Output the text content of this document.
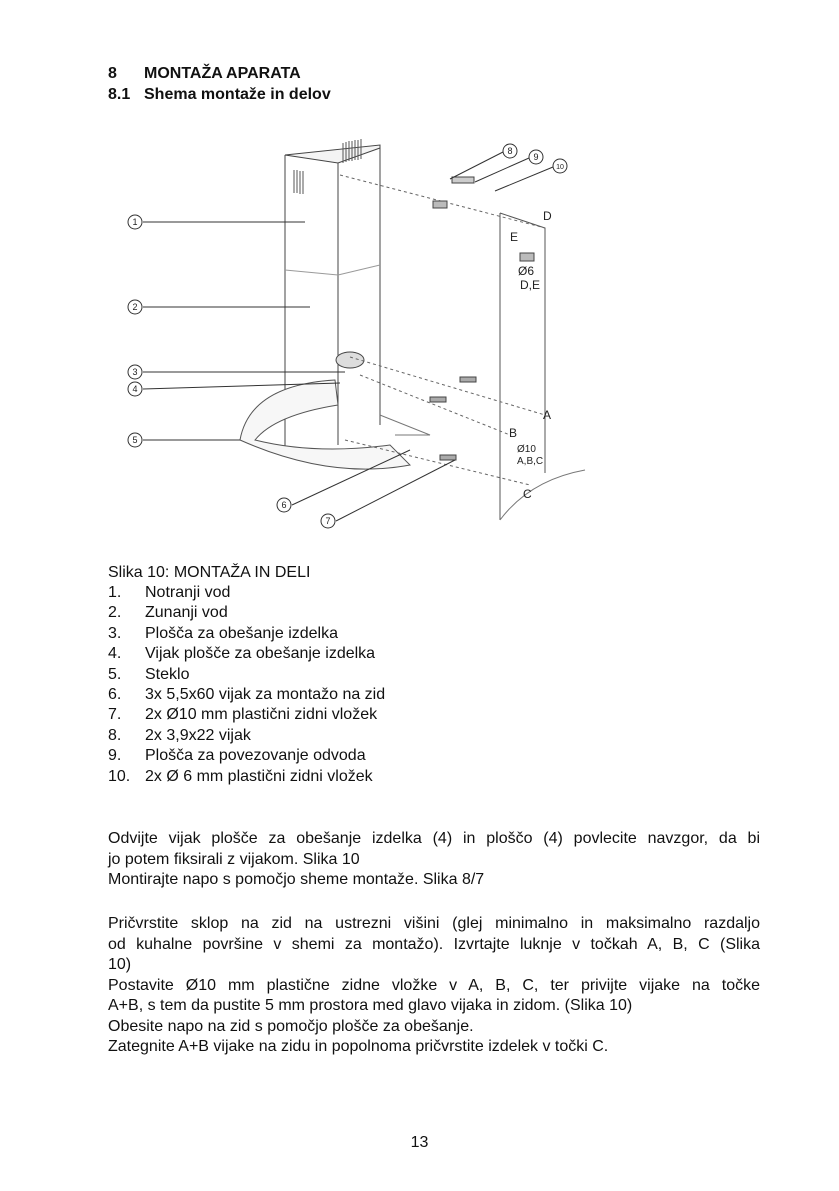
8 MONTAŽA APARATA
8.1 Shema montaže in delov
1
2
3
4
5
6
7
8
9
10
D
E
Ø6
D,E
A
B
Ø10
A,B,C
C
Slika 10: MONTAŽA IN DELI
1.	Notranji vod
2.	Zunanji vod
3.	Plošča za obešanje izdelka
4.	Vijak plošče za obešanje izdelka
5.	Steklo
6.	3x 5,5x60 vijak za montažo na zid
7.	2x Ø10 mm plastični zidni vložek
8.	2x 3,9x22 vijak
9.	Plošča za povezovanje odvoda
10. 2x Ø 6 mm plastični zidni vložek

Odvijte vijak plošče za obešanje izdelka (4) in ploščo (4) povlecite navzgor, da bi

jo potem fiksirali z vijakom. Slika 10

Montirajte napo s pomočjo sheme montaže. Slika 8/7

Pričvrstite sklop na zid na ustrezni višini (glej minimalno in maksimalno razdaljo

od kuhalne površine v shemi za montažo). Izvrtajte luknje v točkah A, B, C (Slika

10)

Postavite Ø10 mm plastične zidne vložke v A, B, C, ter privijte vijake na točke

A+B, s tem da pustite 5 mm prostora med glavo vijaka in zidom. (Slika 10)

Obesite napo na zid s pomočjo plošče za obešanje.

Zategnite A+B vijake na zidu in popolnoma pričvrstite izdelek v točki C.

13
